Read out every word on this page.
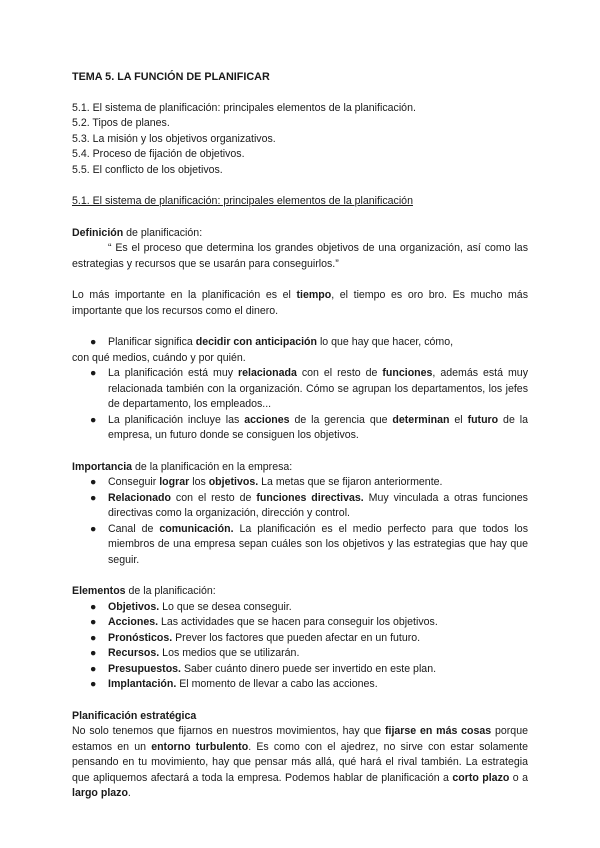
TEMA 5. LA FUNCIÓN DE PLANIFICAR

5.1. El sistema de planificación: principales elementos de la planificación.

5.2. Tipos de planes.

5.3. La misión y los objetivos organizativos.

5.4. Proceso de fijación de objetivos.

5.5. El conflicto de los objetivos.

5.1. El sistema de planificación: principales elementos de la planificación

Definición de planificación:

“ Es el proceso que determina los grandes objetivos de una organización, así como las estrategias y recursos que se usarán para conseguirlos.”

Lo más importante en la planificación es el tiempo, el tiempo es oro bro. Es mucho más importante que los recursos como el dinero.

● Planificar significa decidir con anticipación lo que hay que hacer, cómo,

con qué medios, cuándo y por quién.

● La planificación está muy relacionada con el resto de funciones, además está muy relacionada también con la organización. Cómo se agrupan los departamentos, los jefes de departamento, los empleados...
● La planificación incluye las acciones de la gerencia que determinan el futuro de la empresa, un futuro donde se consiguen los objetivos.

Importancia de la planificación en la empresa:

● Conseguir lograr los objetivos. La metas que se fijaron anteriormente.
● Relacionado con el resto de funciones directivas. Muy vinculada a otras funciones directivas como la organización, dirección y control.
● Canal de comunicación. La planificación es el medio perfecto para que todos los miembros de una empresa sepan cuáles son los objetivos y las estrategias que hay que seguir.

Elementos de la planificación:

● Objetivos. Lo que se desea conseguir.
● Acciones. Las actividades que se hacen para conseguir los objetivos.
● Pronósticos. Prever los factores que pueden afectar en un futuro.
● Recursos. Los medios que se utilizarán.
● Presupuestos. Saber cuánto dinero puede ser invertido en este plan.
● Implantación. El momento de llevar a cabo las acciones.

Planificación estratégica

No solo tenemos que fijarnos en nuestros movimientos, hay que fijarse en más cosas porque estamos en un entorno turbulento. Es como con el ajedrez, no sirve con estar solamente pensando en tu movimiento, hay que pensar más allá, qué hará el rival también. La estrategia que apliquemos afectará a toda la empresa. Podemos hablar de planificación a corto plazo o a largo plazo.
